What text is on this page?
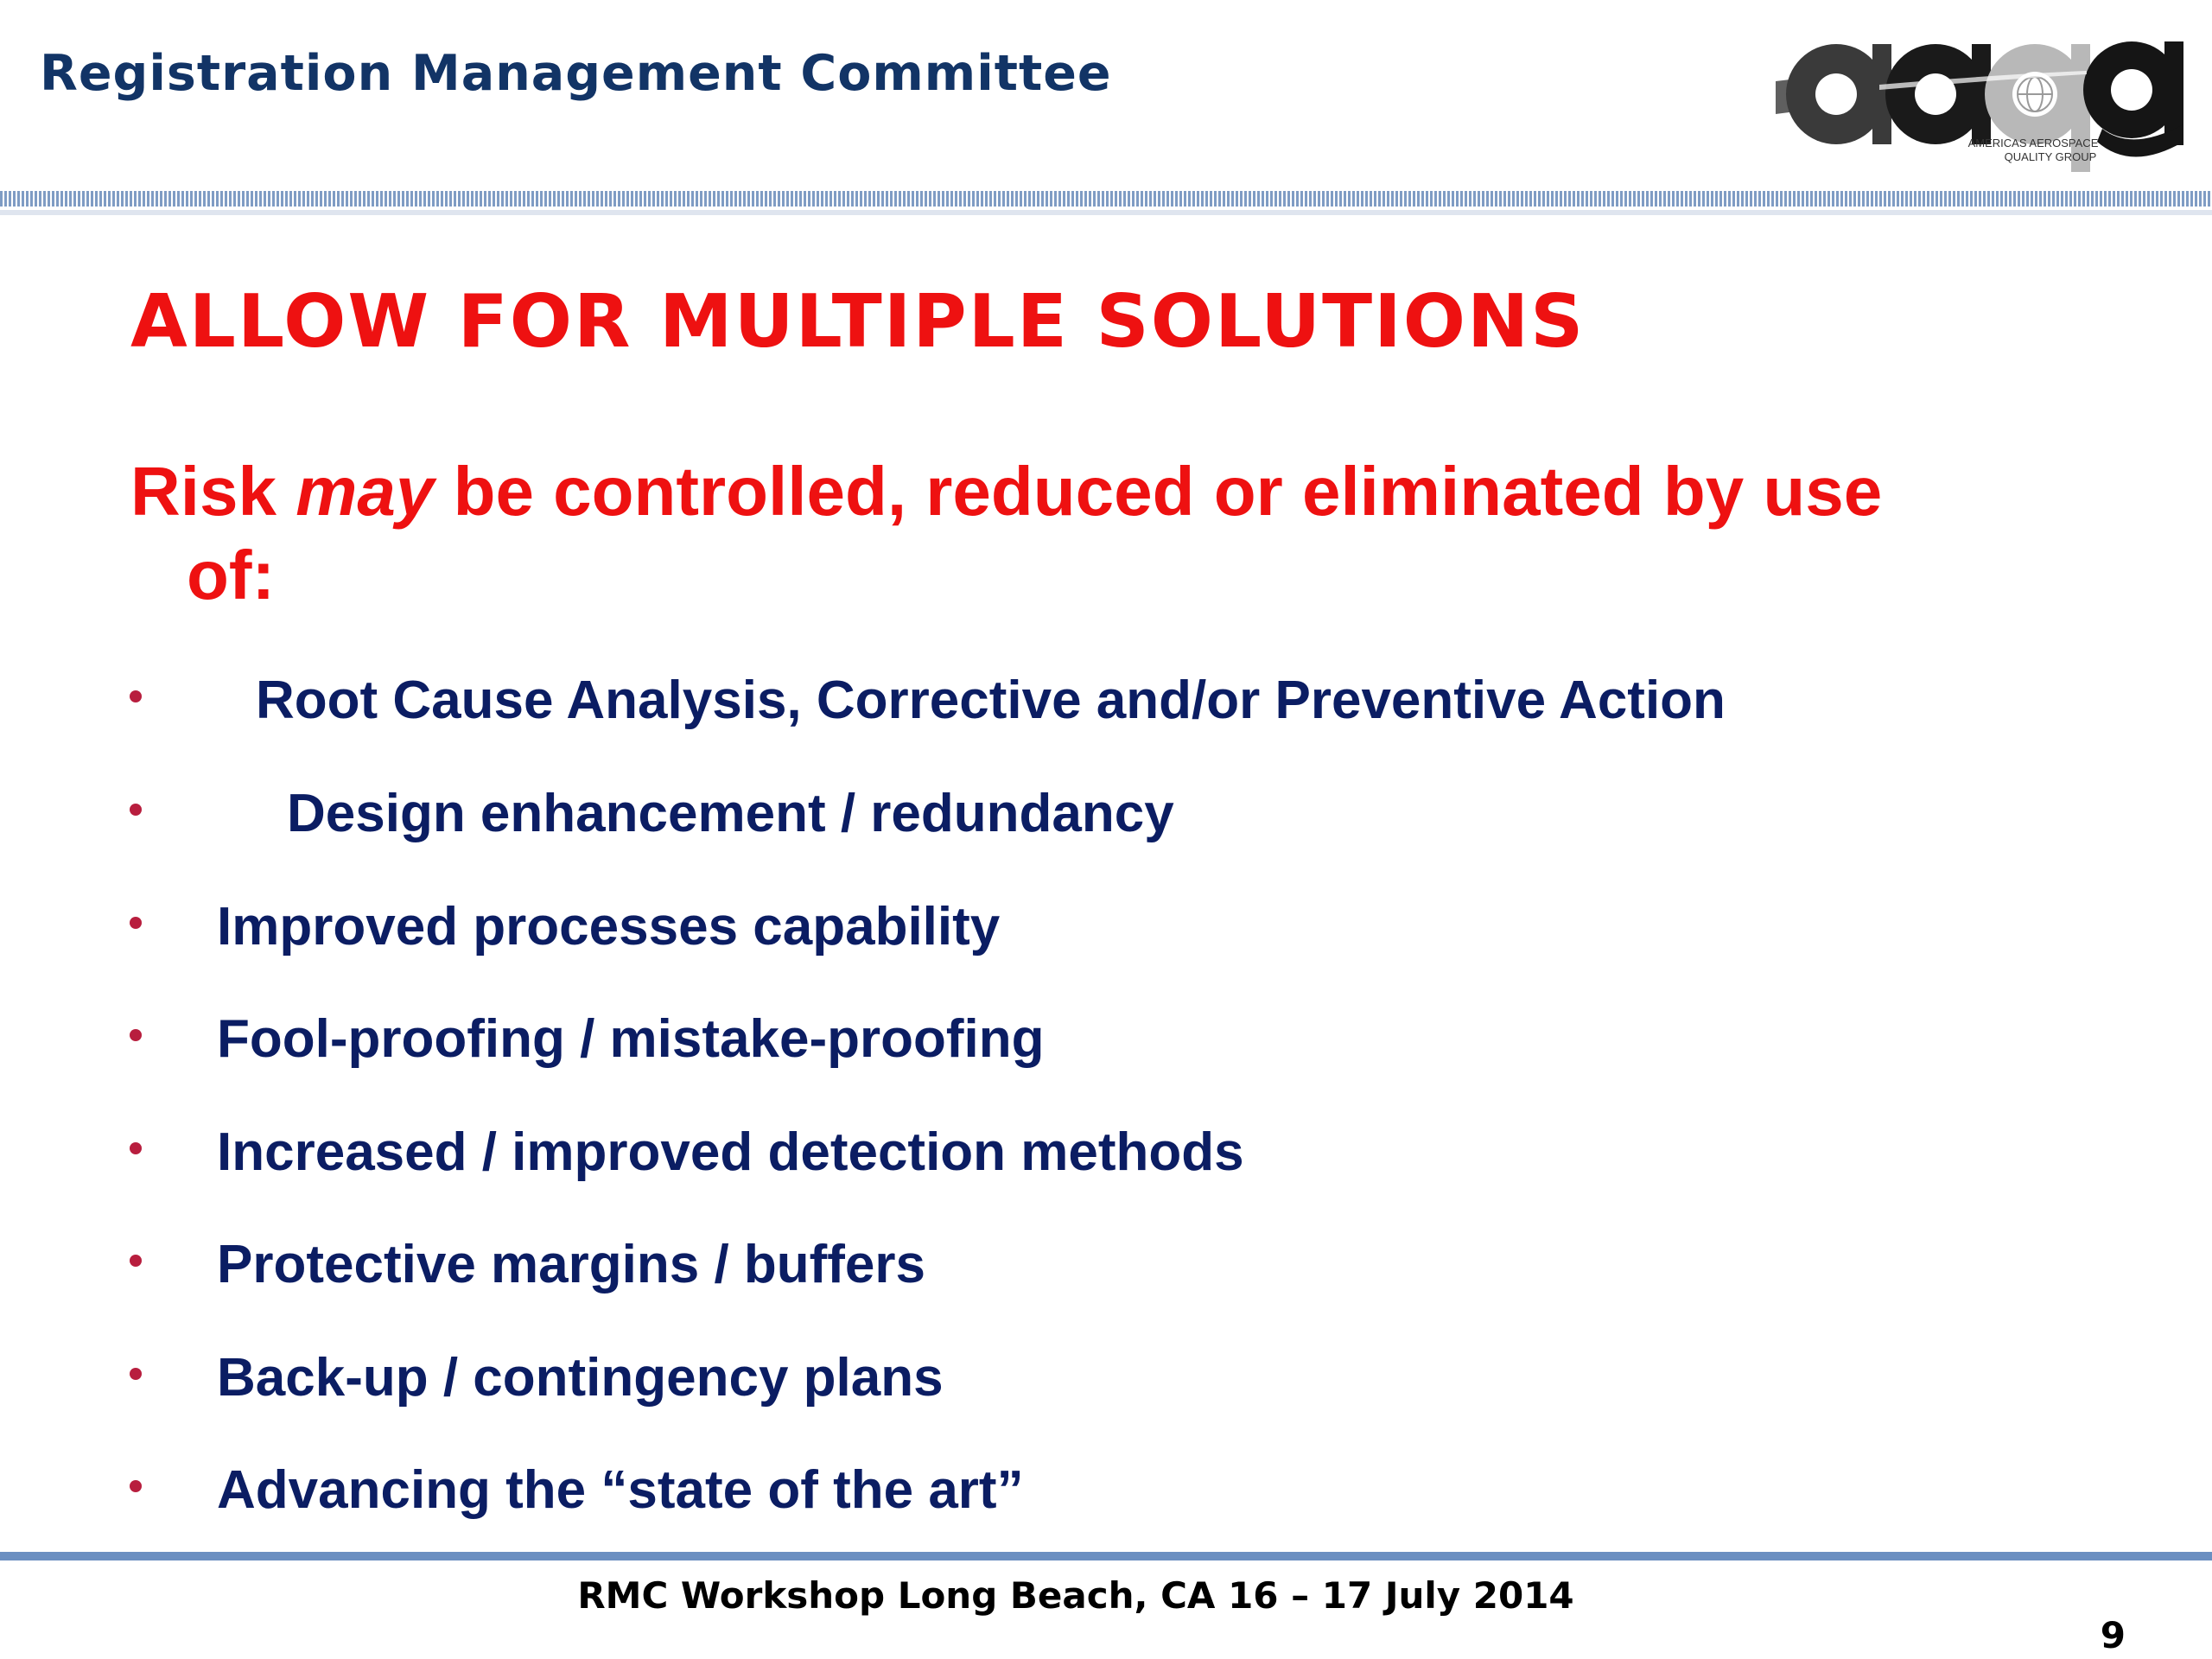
Registration Management Committee
AMERICAS AEROSPACE
QUALITY GROUP
ALLOW FOR MULTIPLE SOLUTIONS
Risk may be controlled, reduced or eliminated by use
of:
Root Cause Analysis, Corrective and/or Preventive Action
Design enhancement / redundancy
Improved processes capability
Fool-proofing / mistake-proofing
Increased / improved detection methods
Protective margins / buffers
Back-up / contingency plans
Advancing the “state of the art”
RMC Workshop Long Beach, CA 16 – 17 July 2014
9
